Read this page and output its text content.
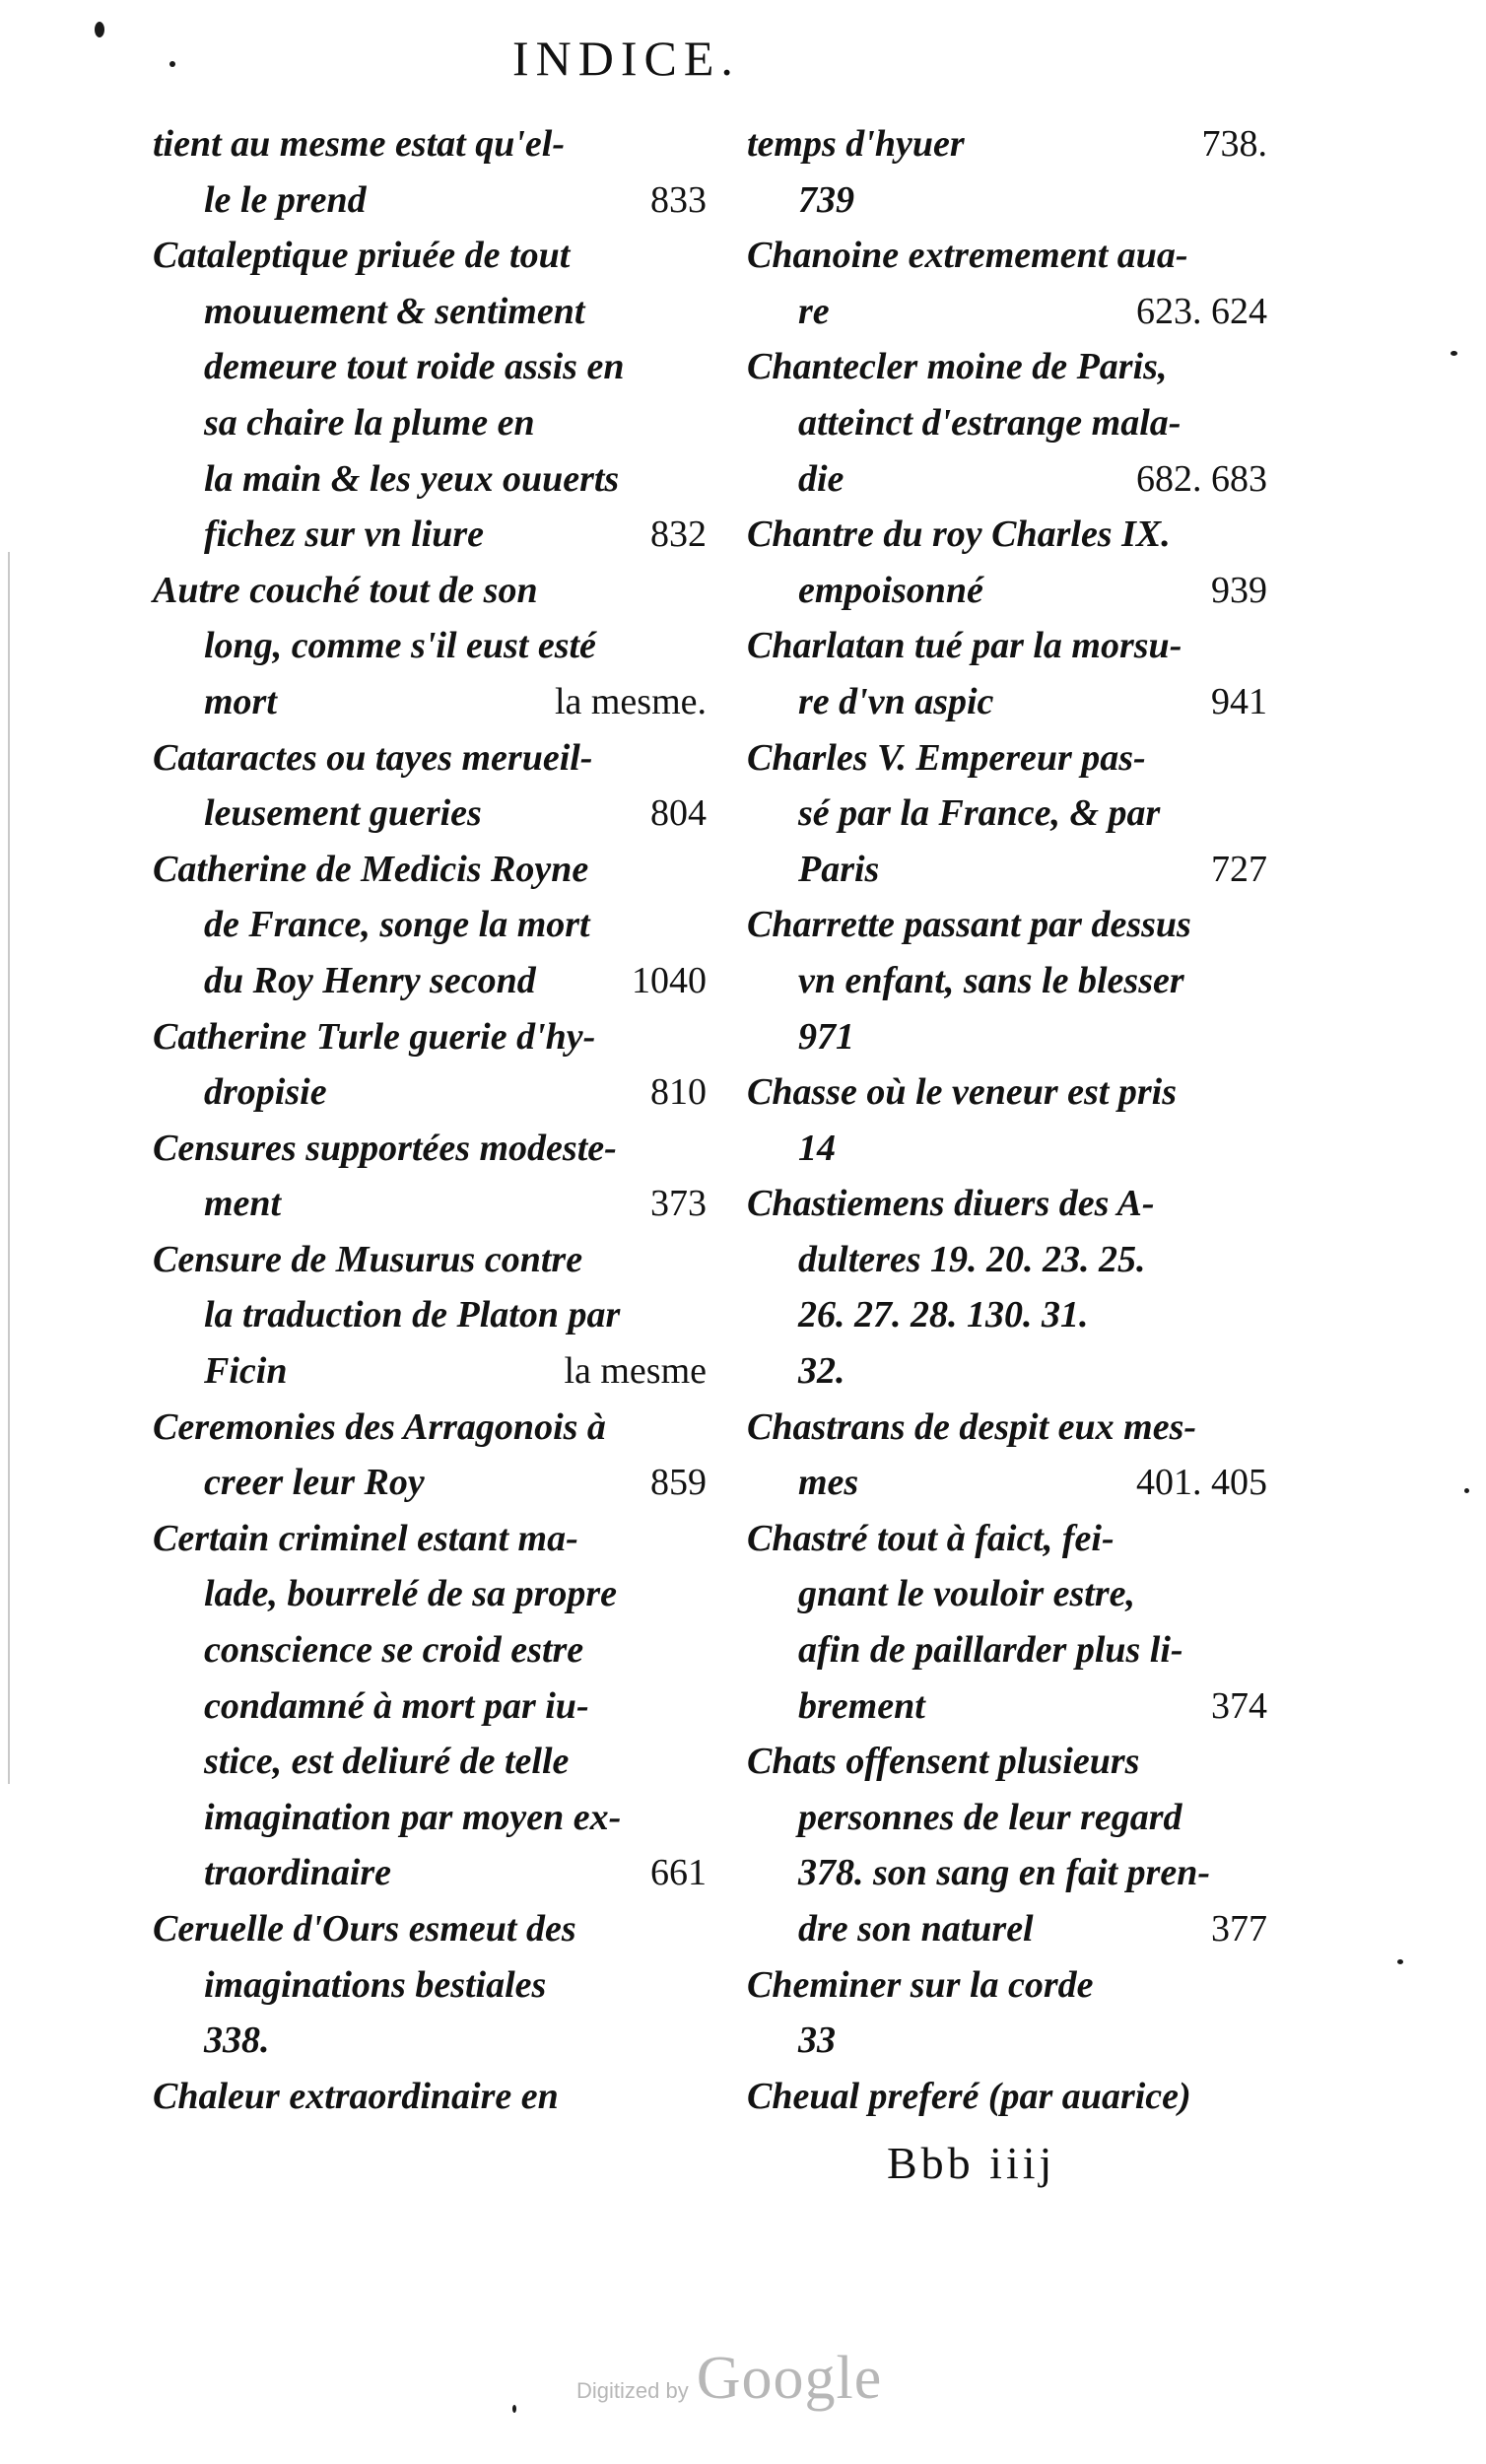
INDICE.
tient au mesme estat qu'el-
le le prend	833
Cataleptique priuée de tout
mouuement & sentiment
demeure tout roide assis en
sa chaire la plume en
la main & les yeux ouuerts
fichez sur vn liure	832
Autre couché tout de son
long, comme s'il eust esté
mort	la mesme.
Cataractes ou tayes merueil-
leusement gueries	804
Catherine de Medicis Royne
de France, songe la mort
du Roy Henry second	1040
Catherine Turle guerie d'hy-
dropisie	810
Censures supportées modeste-
ment	373
Censure de Musurus contre
la traduction de Platon par
Ficin	la mesme
Ceremonies des Arragonois à
creer leur Roy	859
Certain criminel estant ma-
lade, bourrelé de sa propre
conscience se croid estre
condamné à mort par iu-
stice, est deliuré de telle
imagination par moyen ex-
traordinaire	661
Ceruelle d'Ours esmeut des
imaginations bestiales
338.
Chaleur extraordinaire en
temps d'hyuer	738.
739
Chanoine extremement aua-
re	623. 624
Chantecler moine de Paris,
atteinct d'estrange mala-
die	682. 683
Chantre du roy Charles IX.
empoisonné	939
Charlatan tué par la morsu-
re d'vn aspic	941
Charles V. Empereur pas-
sé par la France, & par
Paris	727
Charrette passant par dessus
vn enfant, sans le blesser
971
Chasse où le veneur est pris
14
Chastiemens diuers des A-
dulteres 19. 20. 23. 25.
26. 27. 28. 130. 31.
32.
Chastrans de despit eux mes-
mes	401. 405
Chastré tout à faict, fei-
gnant le vouloir estre,
afin de paillarder plus li-
brement	374
Chats offensent plusieurs
personnes de leur regard
378. son sang en fait pren-
dre son naturel	377
Cheminer sur la corde
33
Cheual preferé (par auarice)
Bbb iiij
Digitized by Google
